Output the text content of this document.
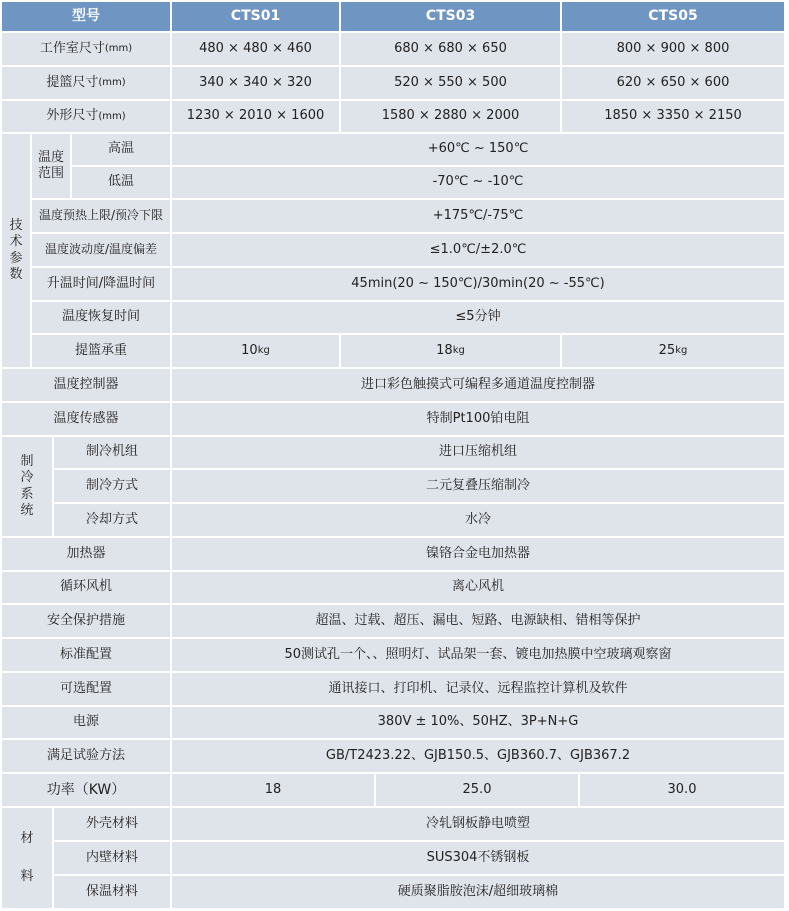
型号	CTS01	CTS03	CTS05
工作室尺寸 (mm)	480 × 480 × 460	680 × 680 × 650	800 × 900 × 800
提篮尺寸 (mm)	340 × 340 × 320	520 × 550 × 500	620 × 650 × 600
外形尺寸 (mm)	1230 × 2010 × 1600	1580 × 2880 × 2000	1850 × 3350 × 2150
技
术
参
数
温度
范围
高温	+60℃ ~ 150℃
低温	-70℃ ~ -10℃
温度预热上限/预冷下限	+175℃/-75℃
温度波动度/温度偏差	≤1.0℃/±2.0℃
升温时间/降温时间	45min(20 ~ 150℃)/30min(20 ~ -55℃)
温度恢复时间	≤5分钟
提篮承重	10 kg	18 kg	25 kg
温度控制器	进口彩色触摸式可编程多通道温度控制器
温度传感器	特制Pt100铂电阻
制
冷
系
统
制冷机组	进口压缩机组
制冷方式	二元复叠压缩制冷
冷却方式	水冷
加热器	镍铬合金电加热器
循环风机	离心风机
安全保护措施	超温、过载、超压、漏电、短路、电源缺相、错相等保护
标准配置	50测试孔一个、、照明灯、试品架一套、镀电加热膜中空玻璃观察窗
可选配置	通讯接口、打印机、记录仪、远程监控计算机及软件
电源	380V ± 10%、50HZ、3P+N+G
满足试验方法	GB/T2423.22、GJB150.5、GJB360.7、GJB367.2
功率（KW）	18	25.0	30.0
材
料
外壳材料	冷轧钢板静电喷塑
内壁材料	SUS304不锈钢板
保温材料	硬质聚脂胺泡沫/超细玻璃棉
